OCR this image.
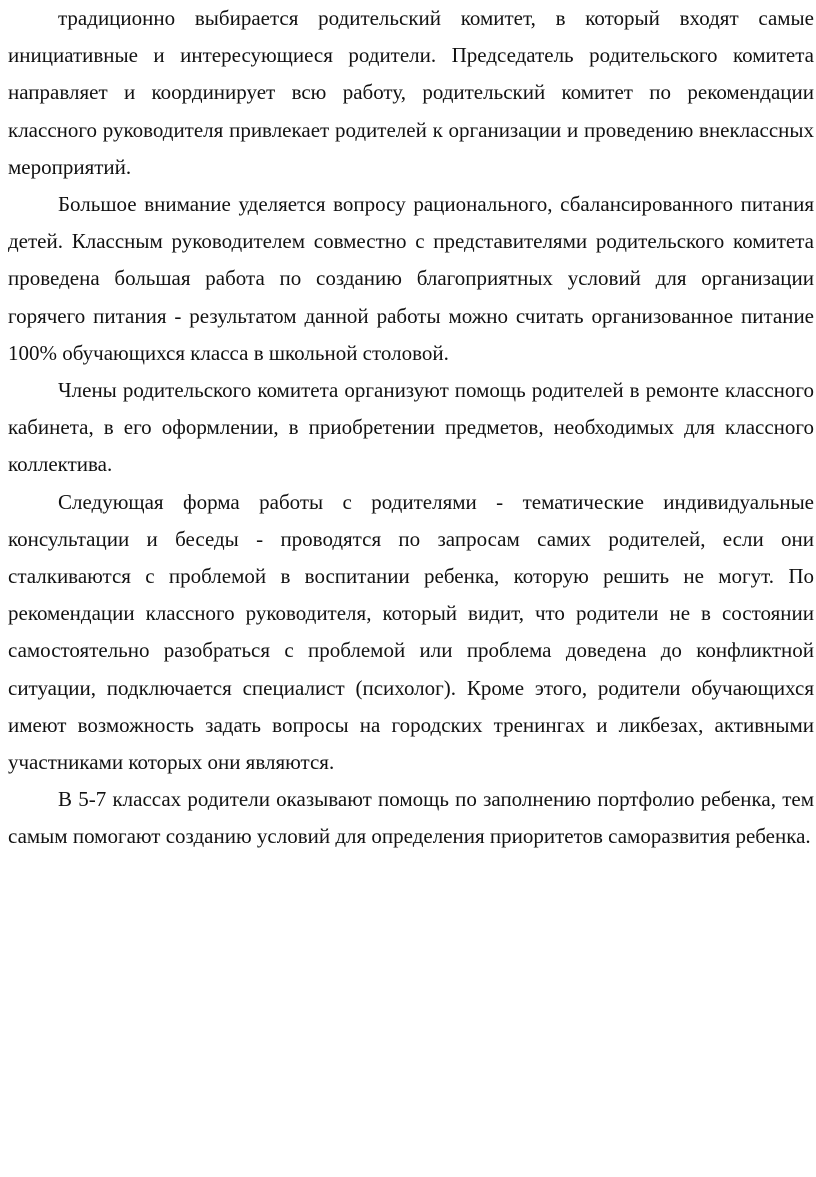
традиционно выбирается родительский комитет, в который входят самые инициативные и интересующиеся родители. Председатель родительского комитета направляет и координирует всю работу, родительский комитет по рекомендации классного руководителя привлекает родителей к организации и проведению внеклассных мероприятий.

Большое внимание уделяется вопросу рационального, сбалансированного питания детей. Классным руководителем совместно с представителями родительского комитета проведена большая работа по созданию благоприятных условий для организации горячего питания - результатом данной работы можно считать организованное питание 100% обучающихся класса в школьной столовой.

Члены родительского комитета организуют помощь родителей в ремонте классного кабинета, в его оформлении, в приобретении предметов, необходимых для классного коллектива.

Следующая форма работы с родителями - тематические индивидуальные консультации и беседы - проводятся по запросам самих родителей, если они сталкиваются с проблемой в воспитании ребенка, которую решить не могут. По рекомендации классного руководителя, который видит, что родители не в состоянии самостоятельно разобраться с проблемой или проблема доведена до конфликтной ситуации, подключается специалист (психолог). Кроме этого, родители обучающихся имеют возможность задать вопросы на городских тренингах и ликбезах, активными участниками которых они являются.

В 5-7 классах родители оказывают помощь по заполнению портфолио ребенка, тем самым помогают созданию условий для определения приоритетов саморазвития ребенка.
